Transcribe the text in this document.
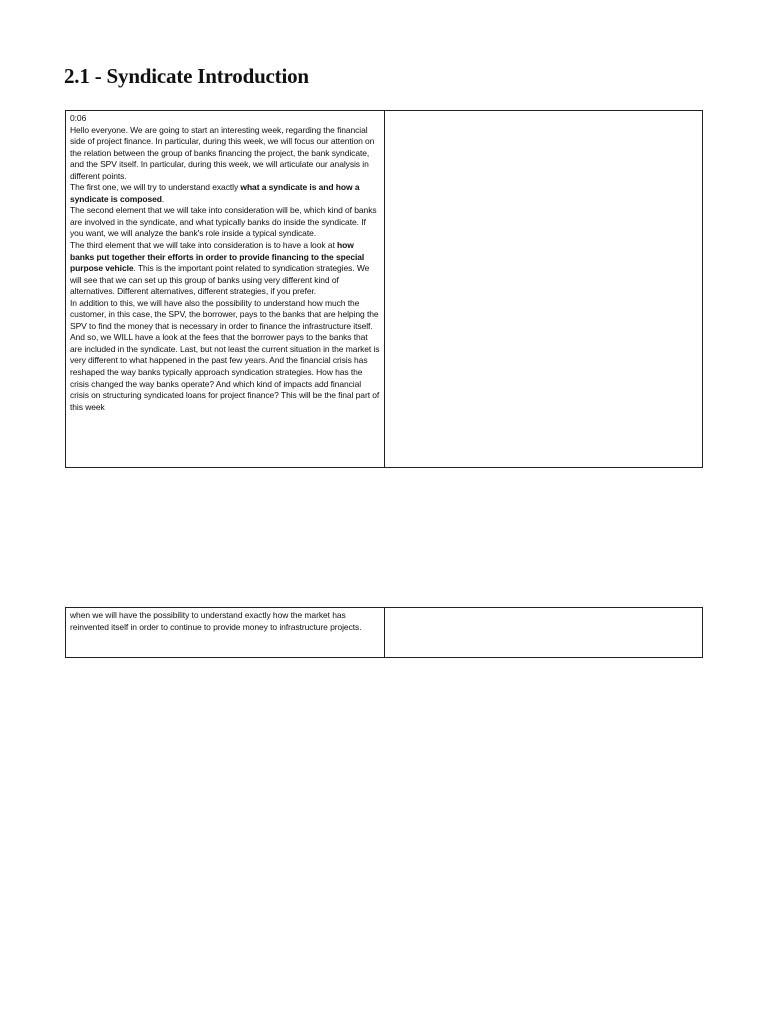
2.1 - Syndicate Introduction
0:06
Hello everyone. We are going to start an interesting week, regarding the financial side of project finance. In particular, during this week, we will focus our attention on the relation between the group of banks financing the project, the bank syndicate, and the SPV itself. In particular, during this week, we will articulate our analysis in different points.
The first one, we will try to understand exactly what a syndicate is and how a syndicate is composed.
The second element that we will take into consideration will be, which kind of banks are involved in the syndicate, and what typically banks do inside the syndicate. If you want, we will analyze the bank's role inside a typical syndicate.
The third element that we will take into consideration is to have a look at how banks put together their efforts in order to provide financing to the special purpose vehicle. This is the important point related to syndication strategies. We will see that we can set up this group of banks using very different kind of alternatives. Different alternatives, different strategies, if you prefer.
In addition to this, we will have also the possibility to understand how much the customer, in this case, the SPV, the borrower, pays to the banks that are helping the SPV to find the money that is necessary in order to finance the infrastructure itself.
And so, we WILL have a look at the fees that the borrower pays to the banks that are included in the syndicate. Last, but not least the current situation in the market is very different to what happened in the past few years. And the financial crisis has reshaped the way banks typically approach syndication strategies. How has the crisis changed the way banks operate? And which kind of impacts add financial crisis on structuring syndicated loans for project finance? This will be the final part of this week
when we will have the possibility to understand exactly how the market has reinvented itself in order to continue to provide money to infrastructure projects.
